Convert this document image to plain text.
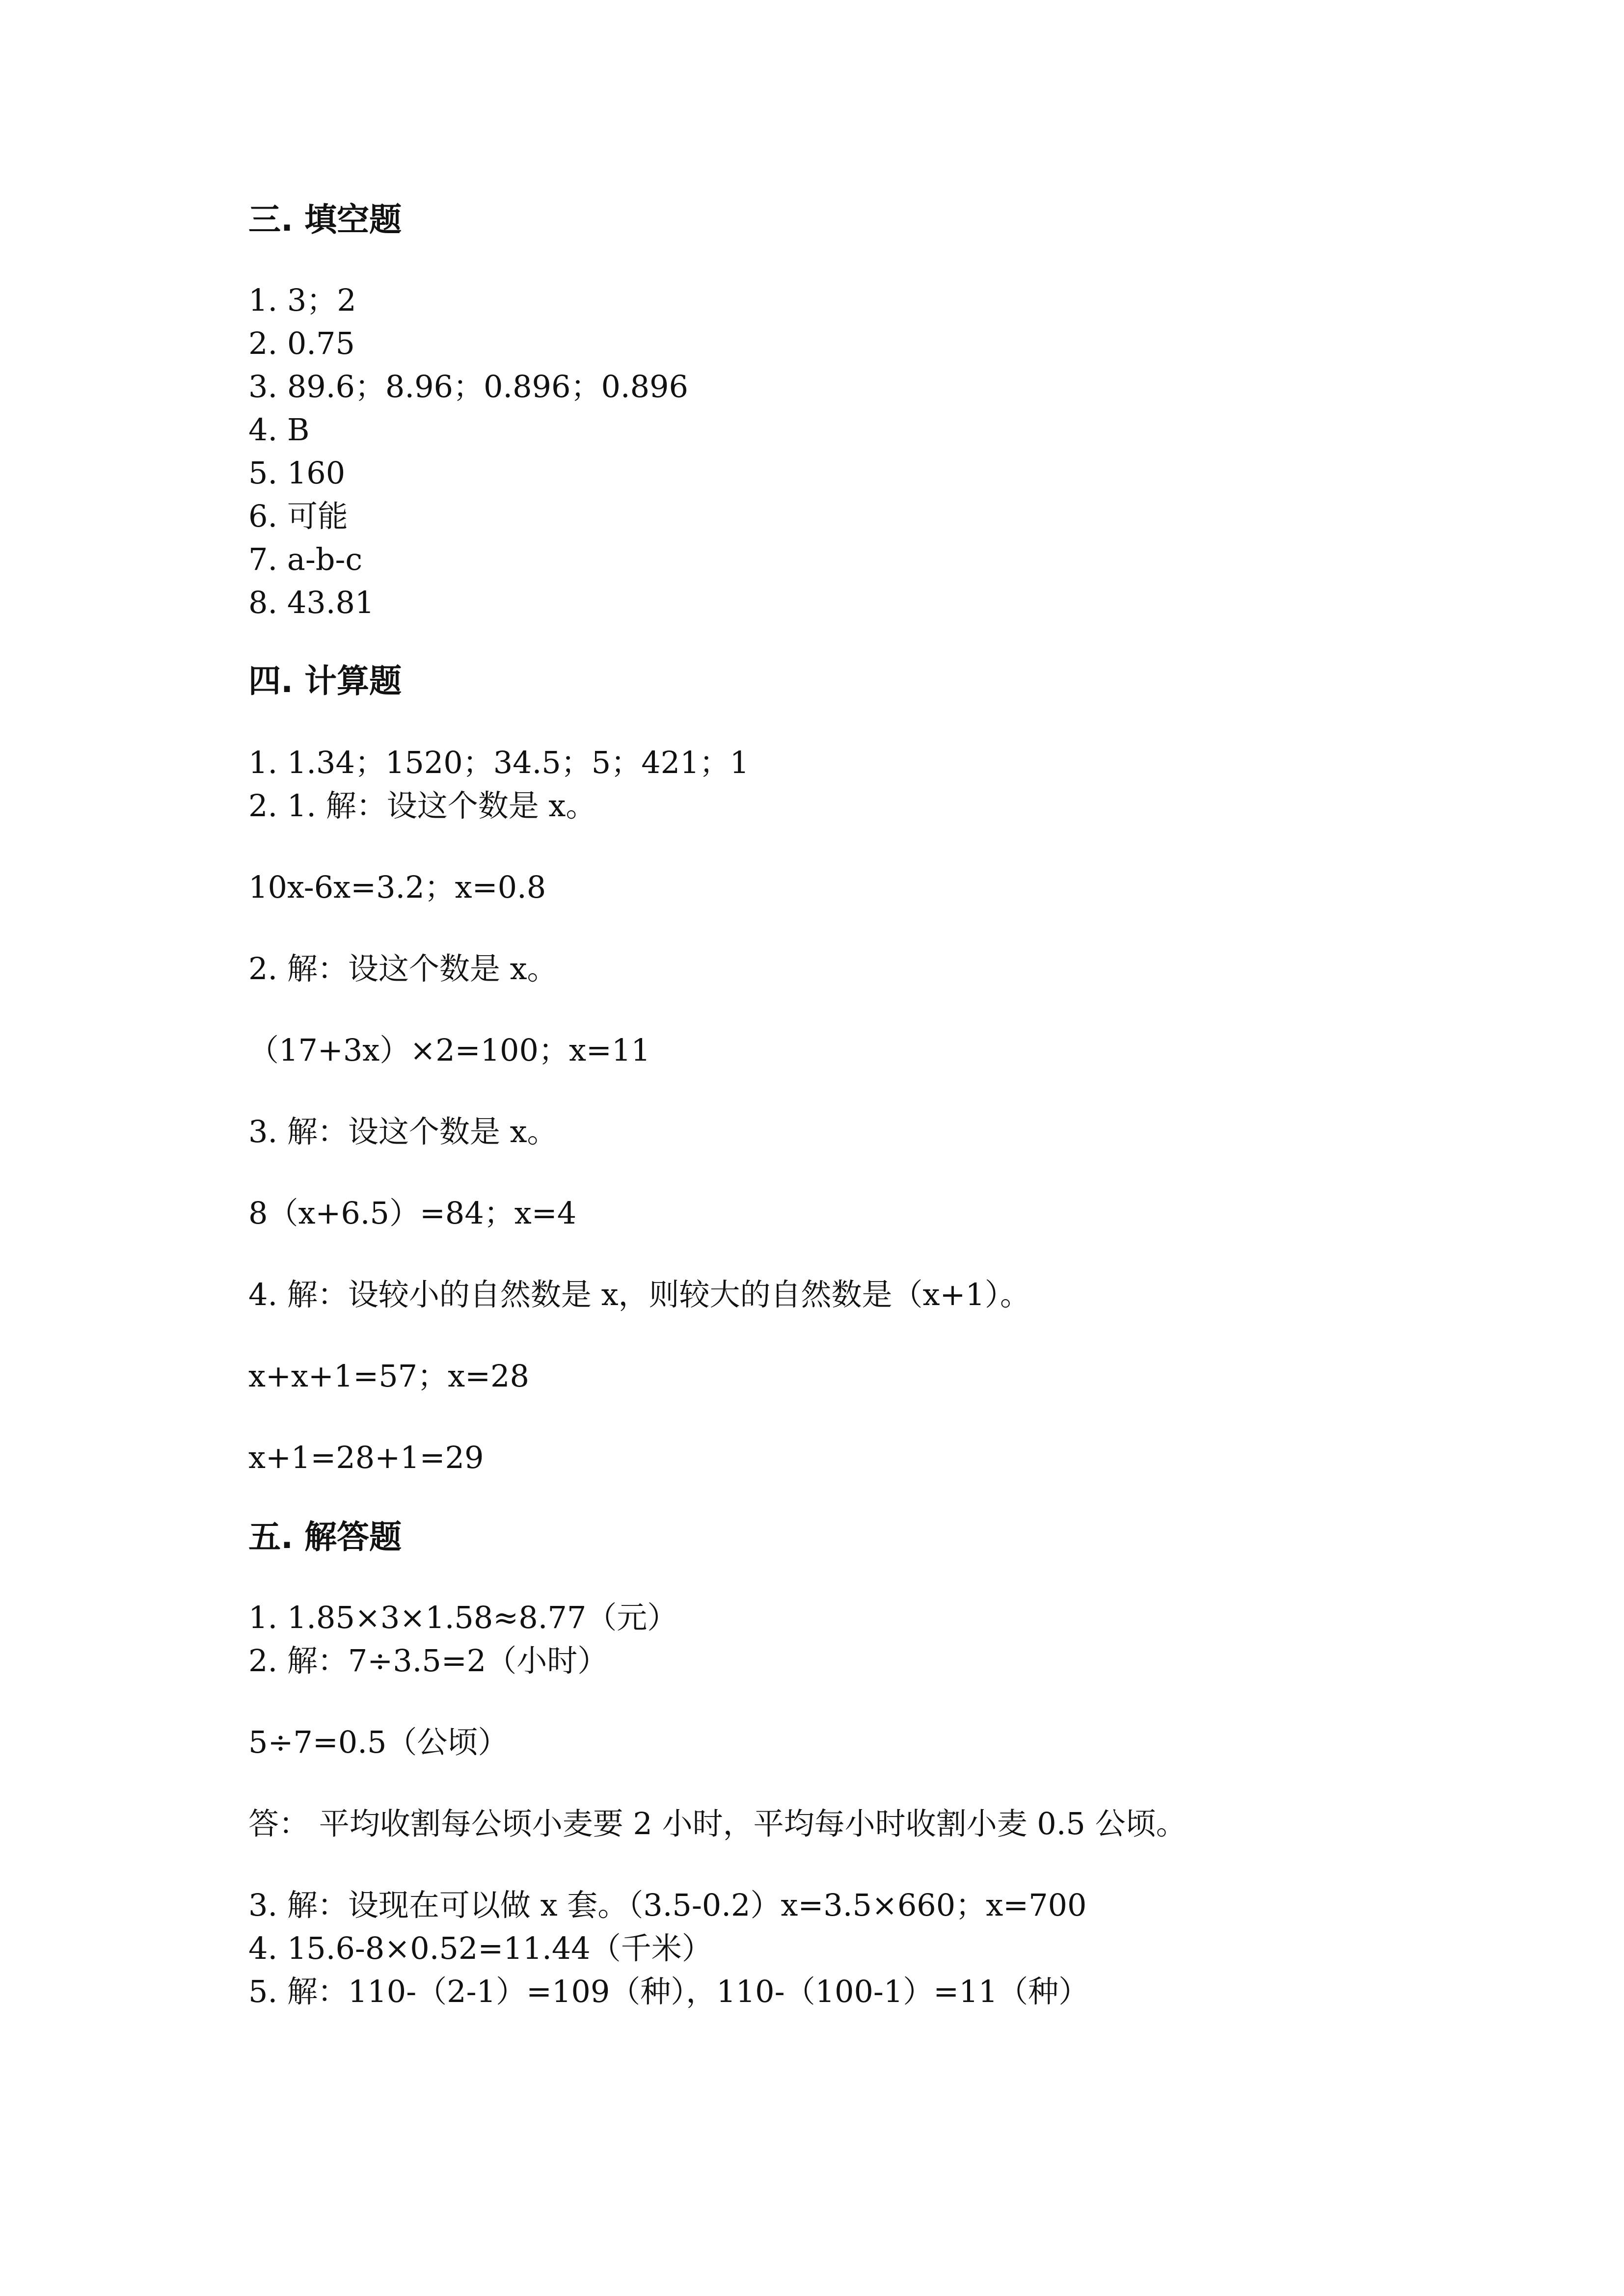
三. 填空题
1. 3；2
2. 0.75
3. 89.6；8.96；0.896；0.896
4. B
5. 160
6. 可能
7. a-b-c
8. 43.81
四. 计算题
1. 1.34；1520；34.5；5；421；1
2. 1. 解：设这个数是 x。
10x-6x=3.2；x=0.8
2. 解：设这个数是 x。
（17+3x）×2=100；x=11
3. 解：设这个数是 x。
8（x+6.5）=84；x=4
4. 解：设较小的自然数是 x，则较大的自然数是（x+1）。
x+x+1=57；x=28
x+1=28+1=29
五. 解答题
1. 1.85×3×1.58≈8.77（元）
2. 解：7÷3.5=2（小时）
5÷7=0.5（公顷）
答： 平均收割每公顷小麦要 2 小时，平均每小时收割小麦 0.5 公顷。
3. 解：设现在可以做 x 套。（3.5-0.2）x=3.5×660；x=700
4. 15.6-8×0.52=11.44（千米）
5. 解：110-（2-1）=109（种），110-（100-1）=11（种）
